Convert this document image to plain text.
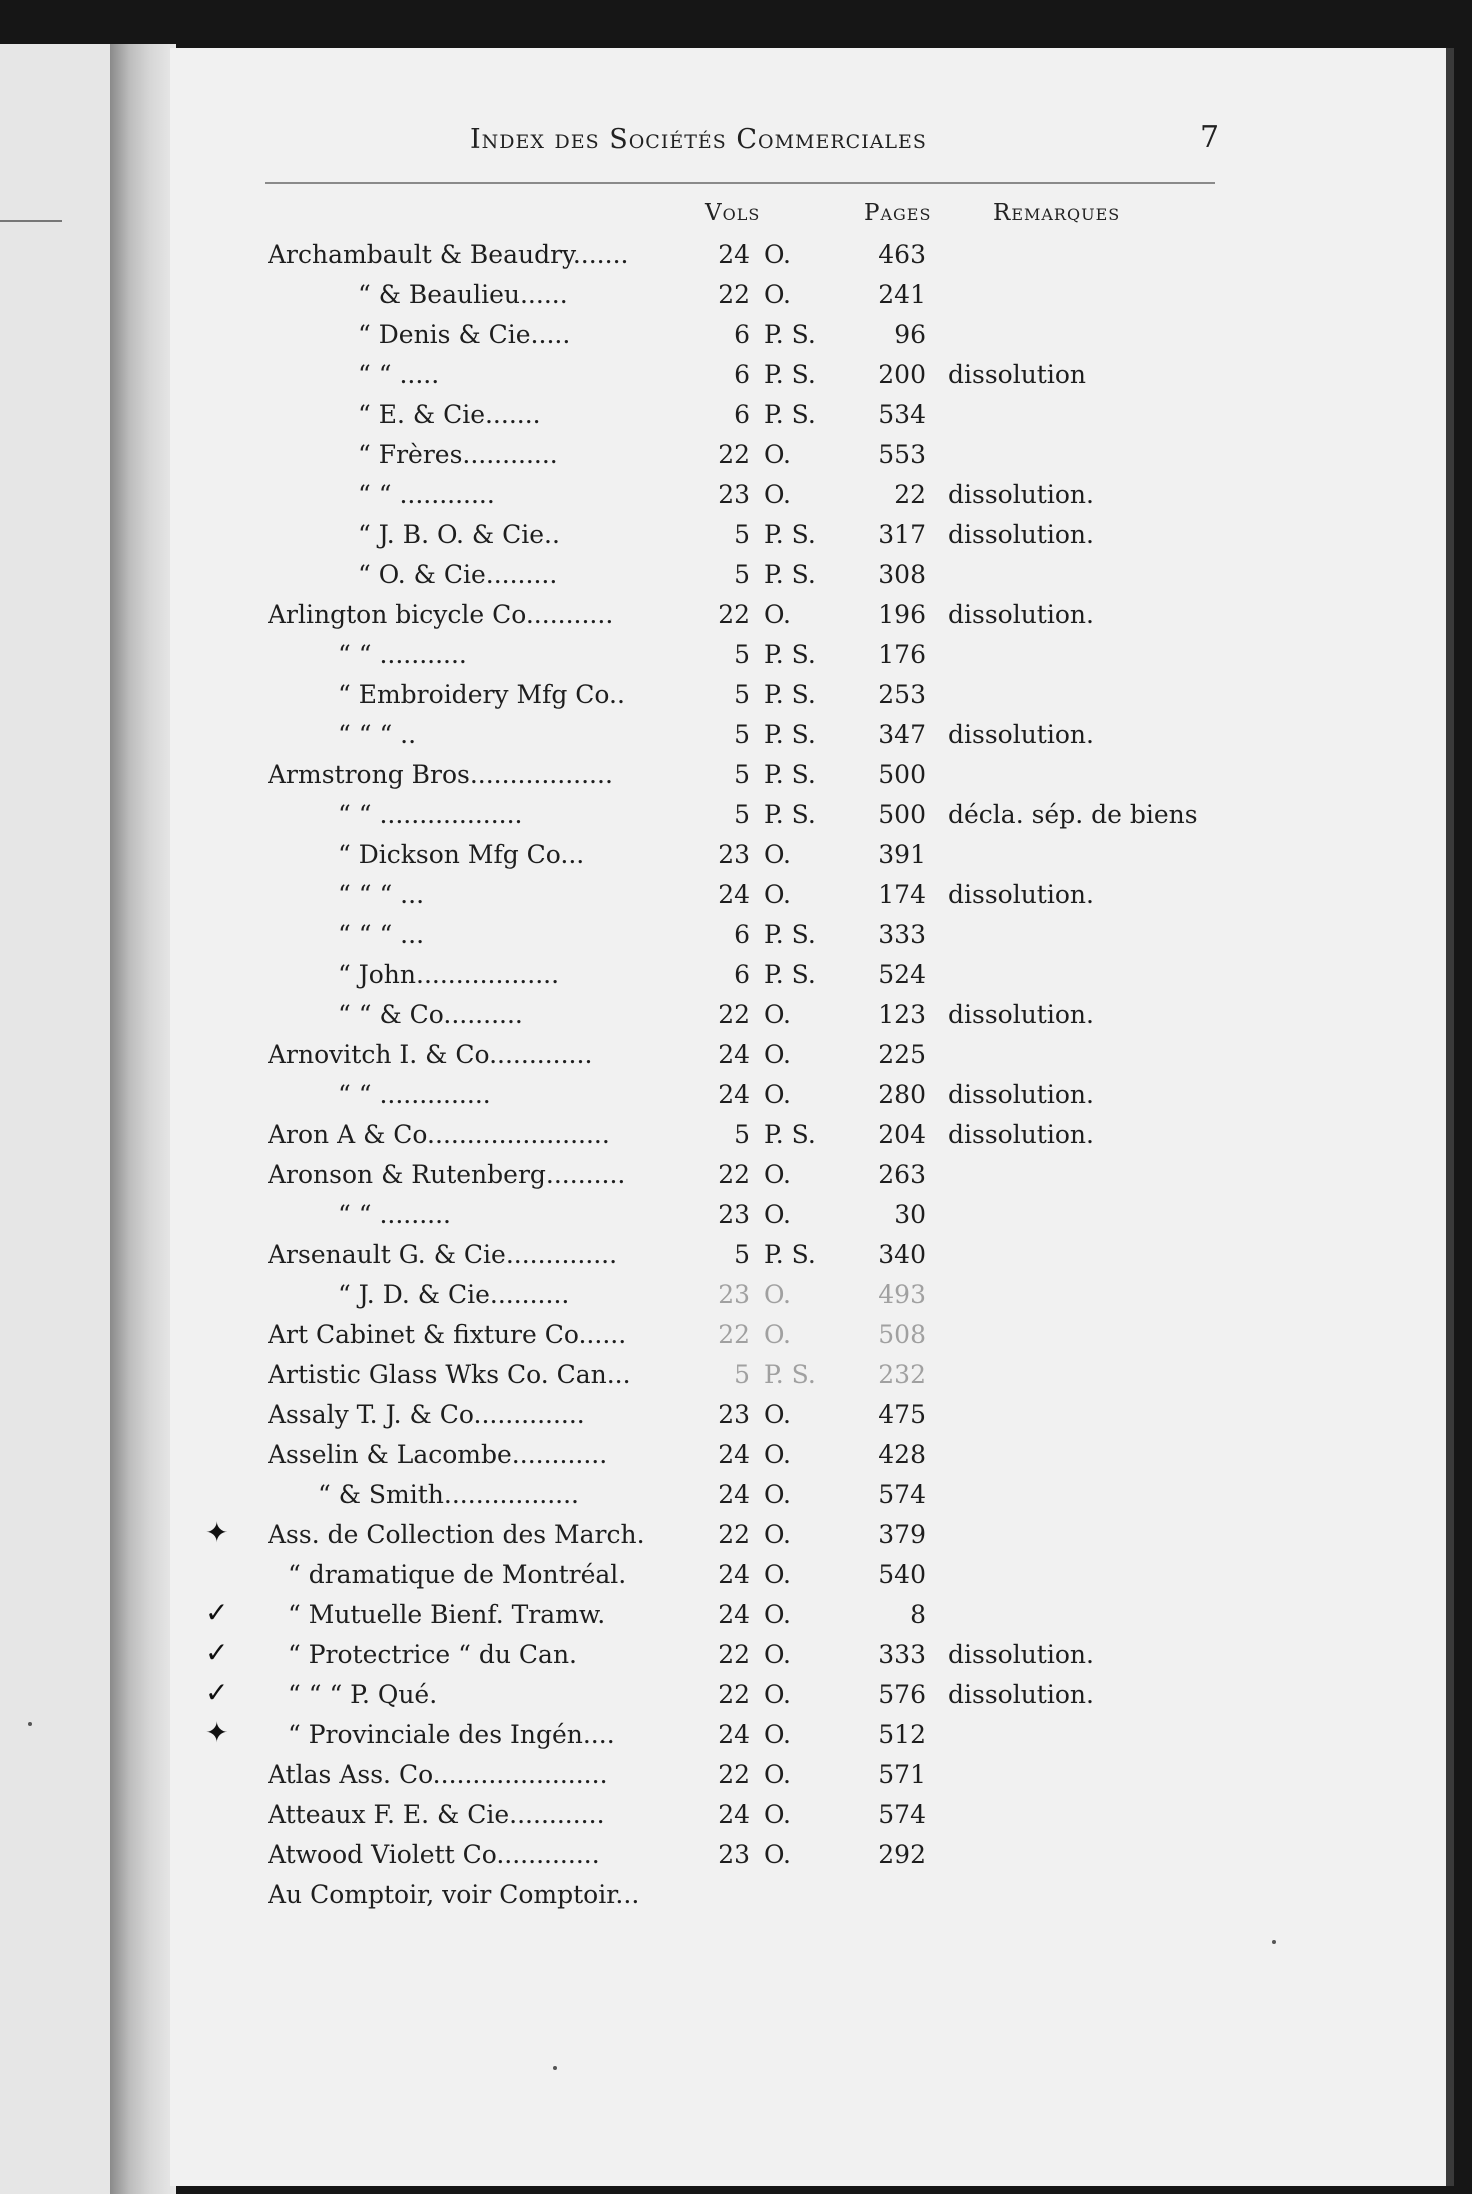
Index des Sociétés Commerciales	7
Vols	Pages	Remarques
Archambault & Beaudry.......	24 O.	463
“ & Beaulieu......	22 O.	241
“ Denis & Cie.....	6 P. S.	96
“ “ .....	6 P. S.	200 dissolution
“ E. & Cie.......	6 P. S.	534
“ Frères............	22 O.	553
“ “ ............	23 O.	22 dissolution.
“ J. B. O. & Cie..	5 P. S.	317 dissolution.
“ O. & Cie.........	5 P. S.	308
Arlington bicycle Co...........	22 O.	196 dissolution.
“ “ ...........	5 P. S.	176
“ Embroidery Mfg Co..	5 P. S.	253
“ “ “ ..	5 P. S.	347 dissolution.
Armstrong Bros..................	5 P. S.	500
“ “ ..................	5 P. S.	500 décla. sép. de biens
“ Dickson Mfg Co...	23 O.	391
“ “ “ ...	24 O.	174 dissolution.
“ “ “ ...	6 P. S.	333
“ John..................	6 P. S.	524
“ “ & Co..........	22 O.	123 dissolution.
Arnovitch I. & Co.............	24 O.	225
“ “ ..............	24 O.	280 dissolution.
Aron A & Co.......................	5 P. S.	204 dissolution.
Aronson & Rutenberg..........	22 O.	263
“ “ .........	23 O.	30
Arsenault G. & Cie..............	5 P. S.	340
“ J. D. & Cie..........	23 O.	493
Art Cabinet & fixture Co......	22 O.	508
Artistic Glass Wks Co. Can...	5 P. S.	232
Assaly T. J. & Co..............	23 O.	475
Asselin & Lacombe............	24 O.	428
“ & Smith.................	24 O.	574
Ass. de Collection des March.	22 O.	379
“ dramatique de Montréal.	24 O.	540
“ Mutuelle Bienf. Tramw.	24 O.	8
“ Protectrice “ du Can.	22 O.	333 dissolution.
“ “ “ P. Qué.	22 O.	576 dissolution.
“ Provinciale des Ingén....	24 O.	512
Atlas Ass. Co......................	22 O.	571
Atteaux F. E. & Cie............	24 O.	574
Atwood Violett Co.............	23 O.	292
Au Comptoir, voir Comptoir...
✦
✓
✓
✓
✦
